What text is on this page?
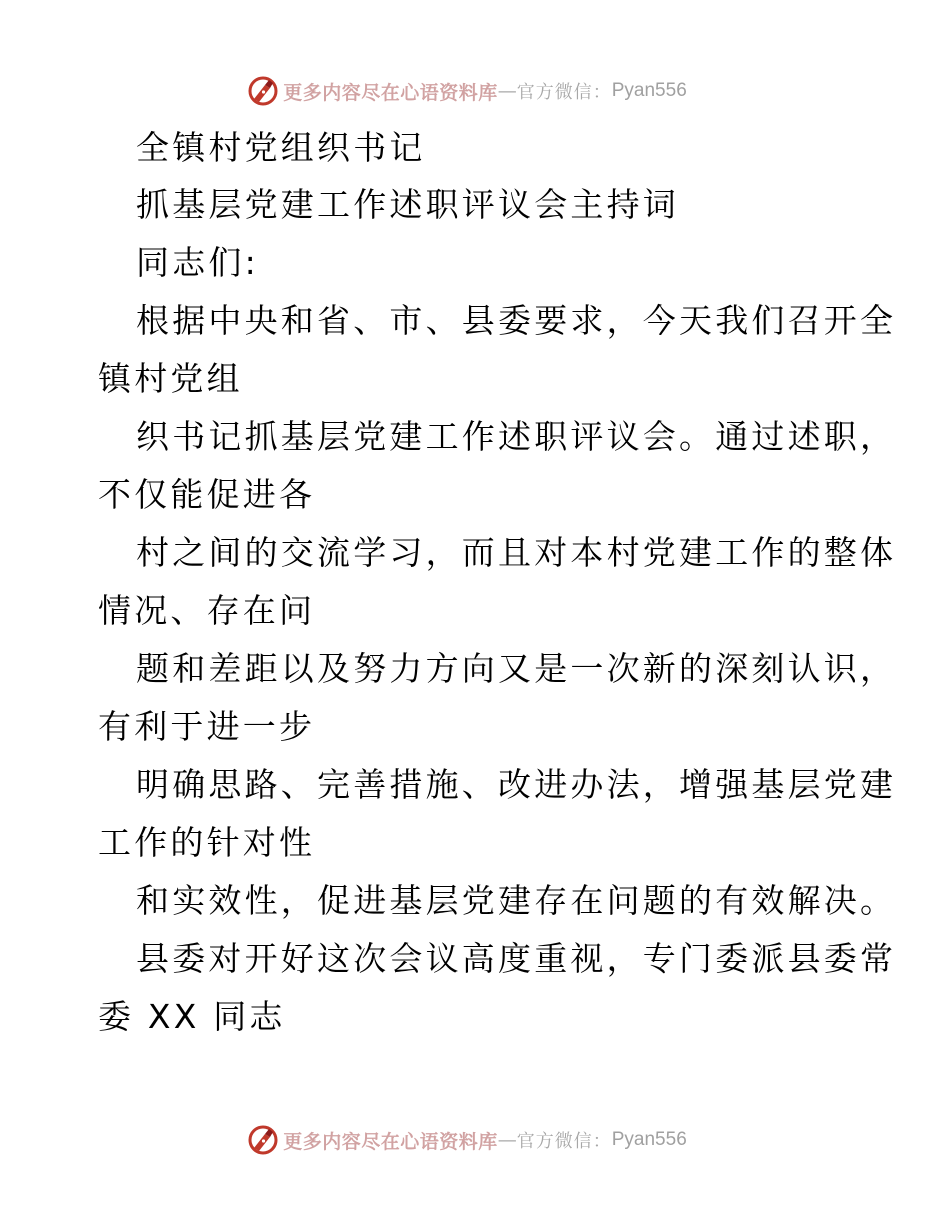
更多内容尽在心语资料库 — 官方微信： Pyan556
全镇村党组织书记
抓基层党建工作述职评议会主持词
同志们:
根据中央和省、市、县委要求，今天我们召开全
镇村党组
织书记抓基层党建工作述职评议会。通过述职，
不仅能促进各
村之间的交流学习，而且对本村党建工作的整体
情况、存在问
题和差距以及努力方向又是一次新的深刻认识，
有利于进一步
明确思路、完善措施、改进办法，增强基层党建
工作的针对性
和实效性，促进基层党建存在问题的有效解决。
县委对开好这次会议高度重视，专门委派县委常
委 XX 同志
更多内容尽在心语资料库 — 官方微信： Pyan556
